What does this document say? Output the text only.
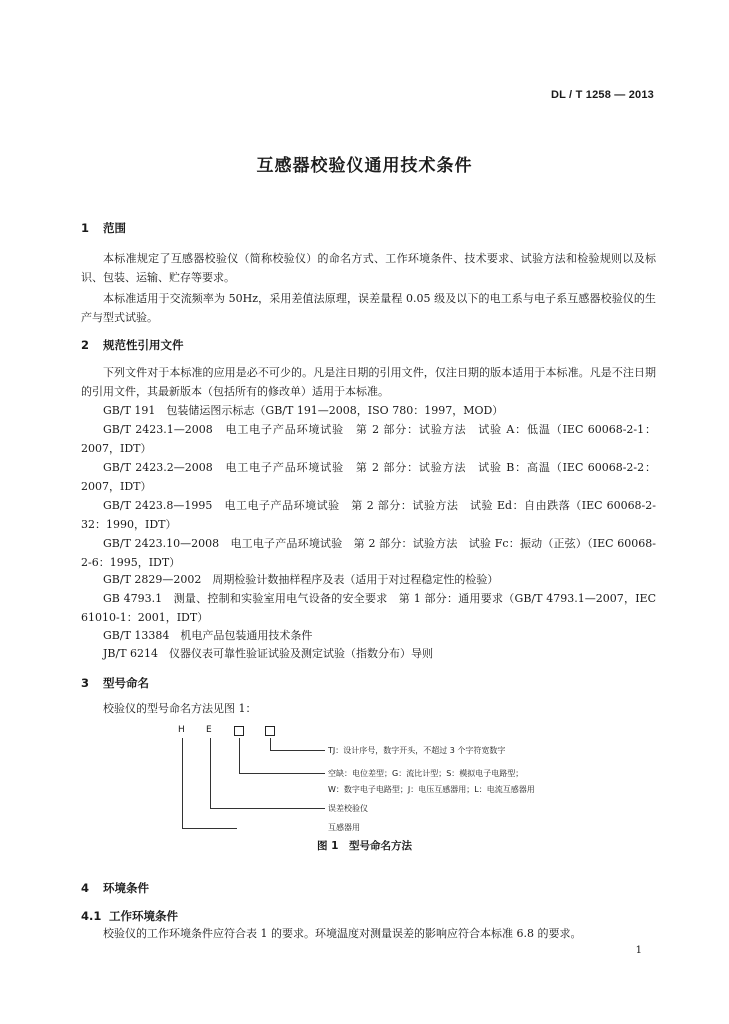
DL / T 1258 — 2013
互感器校验仪通用技术条件
1 范围
本标准规定了互感器校验仪（简称校验仪）的命名方式、工作环境条件、技术要求、试验方法和检验规则以及标识、包装、运输、贮存等要求。
本标准适用于交流频率为 50Hz，采用差值法原理，误差量程 0.05 级及以下的电工系与电子系互感器校验仪的生产与型式试验。
2 规范性引用文件
下列文件对于本标准的应用是必不可少的。凡是注日期的引用文件，仅注日期的版本适用于本标准。凡是不注日期的引用文件，其最新版本（包括所有的修改单）适用于本标准。
GB/T 191　包装储运图示标志（GB/T 191—2008，ISO 780：1997，MOD）
GB/T 2423.1—2008　电工电子产品环境试验　第 2 部分：试验方法　试验 A：低温（IEC 60068-2-1：2007，IDT）
GB/T 2423.2—2008　电工电子产品环境试验　第 2 部分：试验方法　试验 B：高温（IEC 60068-2-2：2007，IDT）
GB/T 2423.8—1995　电工电子产品环境试验　第 2 部分：试验方法　试验 Ed：自由跌落（IEC 60068-2-32：1990，IDT）
GB/T 2423.10—2008　电工电子产品环境试验　第 2 部分：试验方法　试验 Fc：振动（正弦）（IEC 60068-2-6：1995，IDT）
GB/T 2829—2002　周期检验计数抽样程序及表（适用于对过程稳定性的检验）
GB 4793.1　测量、控制和实验室用电气设备的安全要求　第 1 部分：通用要求（GB/T 4793.1—2007，IEC 61010-1：2001，IDT）
GB/T 13384　机电产品包装通用技术条件
JB/T 6214　仪器仪表可靠性验证试验及测定试验（指数分布）导则
3 型号命名
校验仪的型号命名方法见图 1：
H E
TJ：设计序号，数字开头，不超过 3 个字符宽数字
空缺：电位差型；G：流比计型；S：模拟电子电路型；
W：数字电子电路型；J：电压互感器用；L：电流互感器用
误差校验仪
互感器用
图 1　型号命名方法
4 环境条件
4.1 工作环境条件
校验仪的工作环境条件应符合表 1 的要求。环境温度对测量误差的影响应符合本标准 6.8 的要求。
1
